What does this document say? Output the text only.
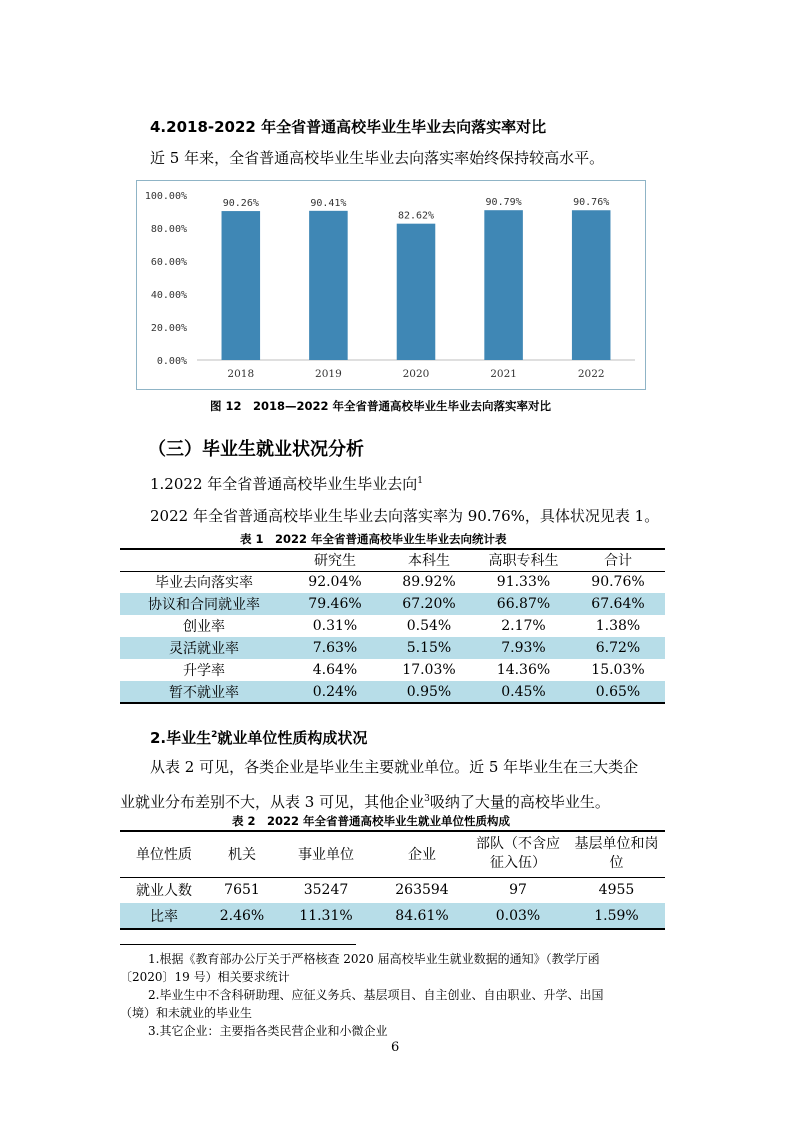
4.2018-2022 年全省普通高校毕业生毕业去向落实率对比
近 5 年来，全省普通高校毕业生毕业去向落实率始终保持较高水平。
0.00%
20.00%
40.00%
60.00%
80.00%
100.00%
90.26%
2018
90.41%
2019
82.62%
2020
90.79%
2021
90.76%
2022
图 12　2018—2022 年全省普通高校毕业生毕业去向落实率对比
（三）毕业生就业状况分析
1.2022 年全省普通高校毕业生毕业去向$^1$
2022 年全省普通高校毕业生毕业去向落实率为 90.76%，具体状况见表 1。
表 1　2022 年全省普通高校毕业生毕业去向统计表
	研究生	本科生	高职专科生	合计
毕业去向落实率	92.04%	89.92%	91.33%	90.76%
协议和合同就业率	79.46%	67.20%	66.87%	67.64%
创业率	0.31%	0.54%	2.17%	1.38%
灵活就业率	7.63%	5.15%	7.93%	6.72%
升学率	4.64%	17.03%	14.36%	15.03%
暂不就业率	0.24%	0.95%	0.45%	0.65%
2.毕业生$^2$就业单位性质构成状况
从表 2 可见，各类企业是毕业生主要就业单位。近 5 年毕业生在三大类企
业就业分布差别不大，从表 3 可见，其他企业$^3$吸纳了大量的高校毕业生。
表 2　2022 年全省普通高校毕业生就业单位性质构成
单位性质	机关	事业单位	企业	部队（不含应征入伍）	基层单位和岗位
就业人数	7651	35247	263594	97	4955
比率	2.46%	11.31%	84.61%	0.03%	1.59%
1.根据《教育部办公厅关于严格核查 2020 届高校毕业生就业数据的通知》（教学厅函
〔2020〕19 号）相关要求统计
2.毕业生中不含科研助理、应征义务兵、基层项目、自主创业、自由职业、升学、出国
（境）和未就业的毕业生
3.其它企业：主要指各类民营企业和小微企业
6
